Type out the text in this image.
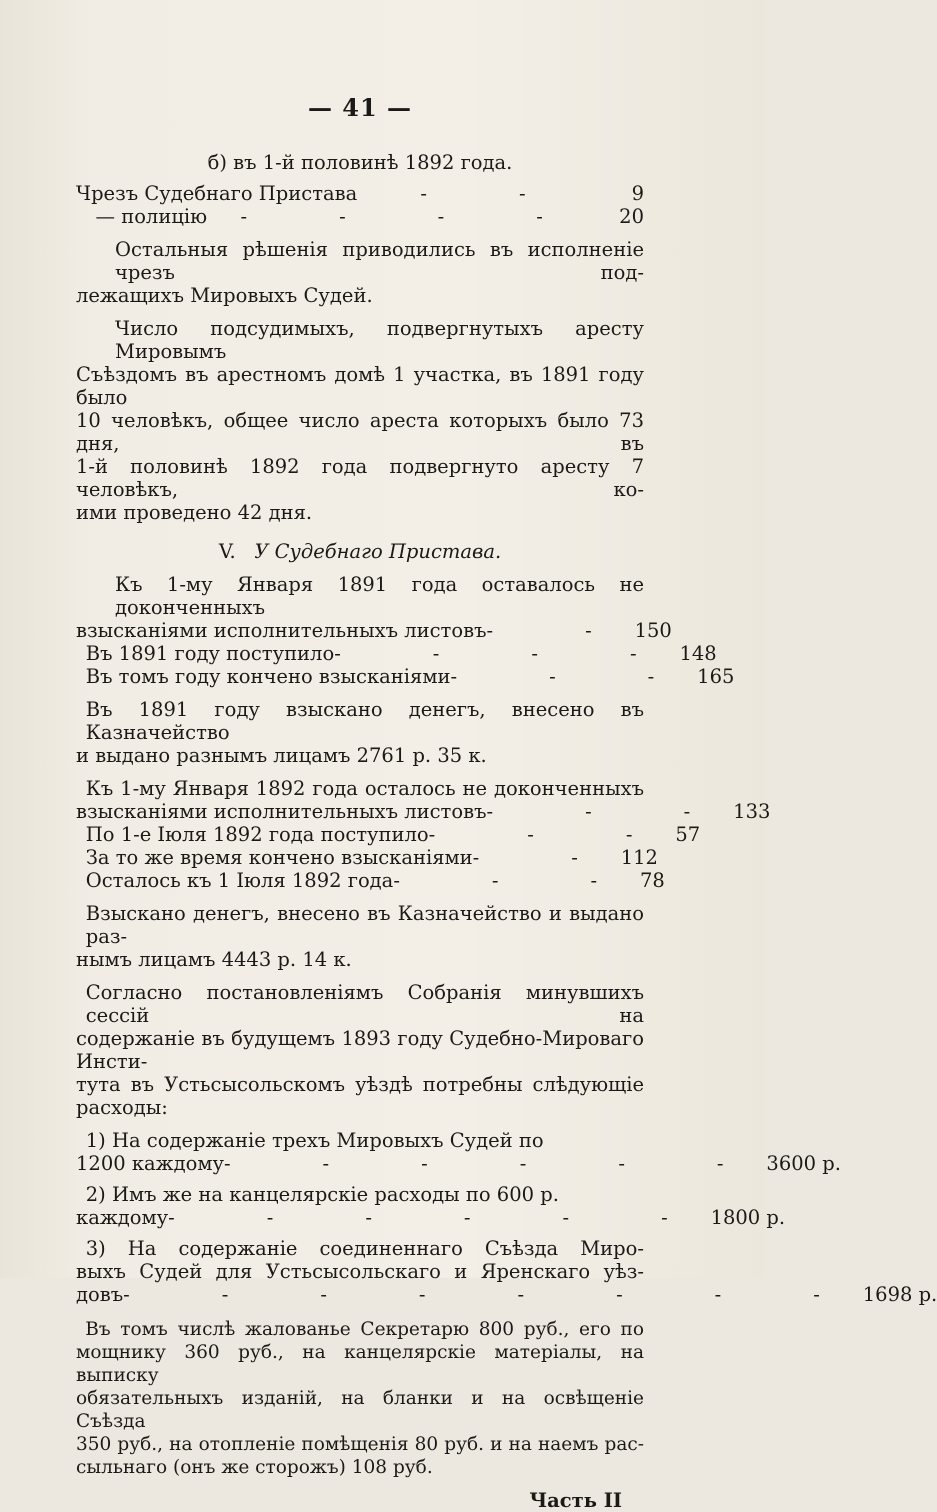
— 41 —
б) въ 1-й половинѣ 1892 года.
Чрезъ Судебнаго Пристава	- -	9
— полицію	- - - -	20
Остальныя рѣшенія приводились въ исполненіе чрезъ под-
лежащихъ Мировыхъ Судей.
Число подсудимыхъ, подвергнутыхъ аресту Мировымъ
Съѣздомъ въ арестномъ домѣ 1 участка, въ 1891 году было
10 человѣкъ, общее число ареста которыхъ было 73 дня, въ
1-й половинѣ 1892 года подвергнуто аресту 7 человѣкъ, ко-
ими проведено 42 дня.
V. У Судебнаго Пристава.
Къ 1-му Января 1891 года оставалось не доконченныхъ
взысканіями исполнительныхъ листовъ - - 150
Въ 1891 году поступило - - - - 148
Въ томъ году кончено взысканіями - - - 165
Въ 1891 году взыскано денегъ, внесено въ Казначейство
и выдано разнымъ лицамъ 2761 р. 35 к.
Къ 1-му Января 1892 года осталось не доконченныхъ
взысканіями исполнительныхъ листовъ - - - 133
По 1-е Іюля 1892 года поступило - - - 57
За то же время кончено взысканіями - - 112
Осталось къ 1 Іюля 1892 года - - - 78
Взыскано денегъ, внесено въ Казначейство и выдано раз-
нымъ лицамъ 4443 р. 14 к.
Согласно постановленіямъ Собранія минувшихъ сессій на
содержаніе въ будущемъ 1893 году Судебно-Мироваго Инсти-
тута въ Устьсысольскомъ уѣздѣ потребны слѣдующіе расходы:
1) На содержаніе трехъ Мировыхъ Судей по
1200 каждому - - - - - - 3600 р.
2) Имъ же на канцелярскіе расходы по 600 р.
каждому - - - - - - 1800 р.
3) На содержаніе соединеннаго Съѣзда Миро-
выхъ Судей для Устьсысольскаго и Яренскаго уѣз-
довъ - - - - - - - - 1698 р.
Въ томъ числѣ жалованье Секретарю 800 руб., его по
мощнику 360 руб., на канцелярскіе матеріалы, на выписку
обязательныхъ изданій, на бланки и на освѣщеніе Съѣзда
350 руб., на отопленіе помѣщенія 80 руб. и на наемъ рас-
сыльнаго (онъ же сторожъ) 108 руб.
Часть II
